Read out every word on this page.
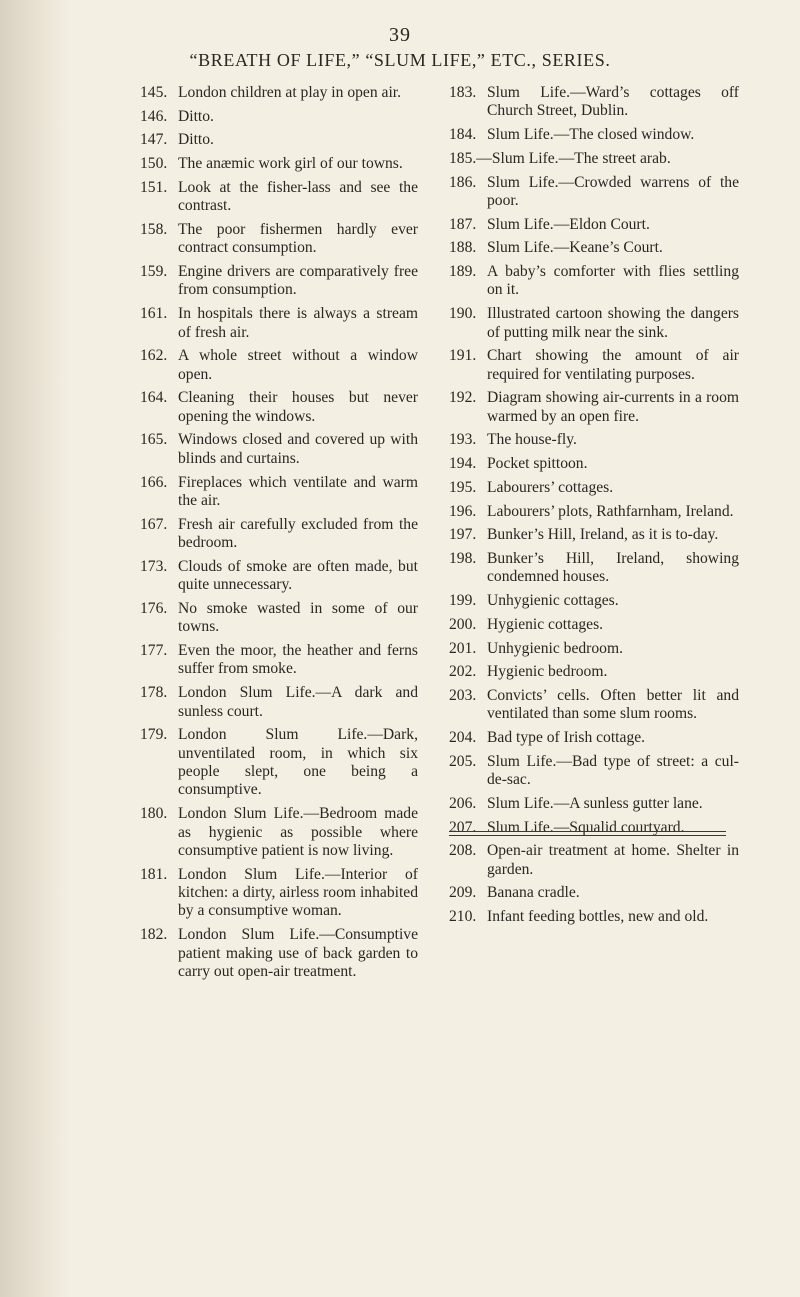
39
“BREATH OF LIFE,” “SLUM LIFE,” ETC., SERIES.
145. London children at play in open air.
146. Ditto.
147. Ditto.
150. The anæmic work girl of our towns.
151. Look at the fisher-lass and see the contrast.
158. The poor fishermen hardly ever contract consumption.
159. Engine drivers are comparatively free from consumption.
161. In hospitals there is always a stream of fresh air.
162. A whole street without a window open.
164. Cleaning their houses but never opening the windows.
165. Windows closed and covered up with blinds and curtains.
166. Fireplaces which ventilate and warm the air.
167. Fresh air carefully excluded from the bedroom.
173. Clouds of smoke are often made, but quite unnecessary.
176. No smoke wasted in some of our towns.
177. Even the moor, the heather and ferns suffer from smoke.
178. London Slum Life.—A dark and sunless court.
179. London Slum Life.—Dark, unventilated room, in which six people slept, one being a consumptive.
180. London Slum Life.—Bedroom made as hygienic as possible where consumptive patient is now living.
181. London Slum Life.—Interior of kitchen: a dirty, airless room inhabited by a consumptive woman.
182. London Slum Life.—Consumptive patient making use of back garden to carry out open-air treatment.
183. Slum Life.—Ward’s cottages off Church Street, Dublin.
184. Slum Life.—The closed window.
185.—Slum Life.—The street arab.
186. Slum Life.—Crowded warrens of the poor.
187. Slum Life.—Eldon Court.
188. Slum Life.—Keane’s Court.
189. A baby’s comforter with flies settling on it.
190. Illustrated cartoon showing the dangers of putting milk near the sink.
191. Chart showing the amount of air required for ventilating purposes.
192. Diagram showing air-currents in a room warmed by an open fire.
193. The house-fly.
194. Pocket spittoon.
195. Labourers’ cottages.
196. Labourers’ plots, Rathfarnham, Ireland.
197. Bunker’s Hill, Ireland, as it is to-day.
198. Bunker’s Hill, Ireland, showing condemned houses.
199. Unhygienic cottages.
200. Hygienic cottages.
201. Unhygienic bedroom.
202. Hygienic bedroom.
203. Convicts’ cells. Often better lit and ventilated than some slum rooms.
204. Bad type of Irish cottage.
205. Slum Life.—Bad type of street: a cul-de-sac.
206. Slum Life.—A sunless gutter lane.
207. Slum Life.—Squalid courtyard.
208. Open-air treatment at home. Shelter in garden.
209. Banana cradle.
210. Infant feeding bottles, new and old.
